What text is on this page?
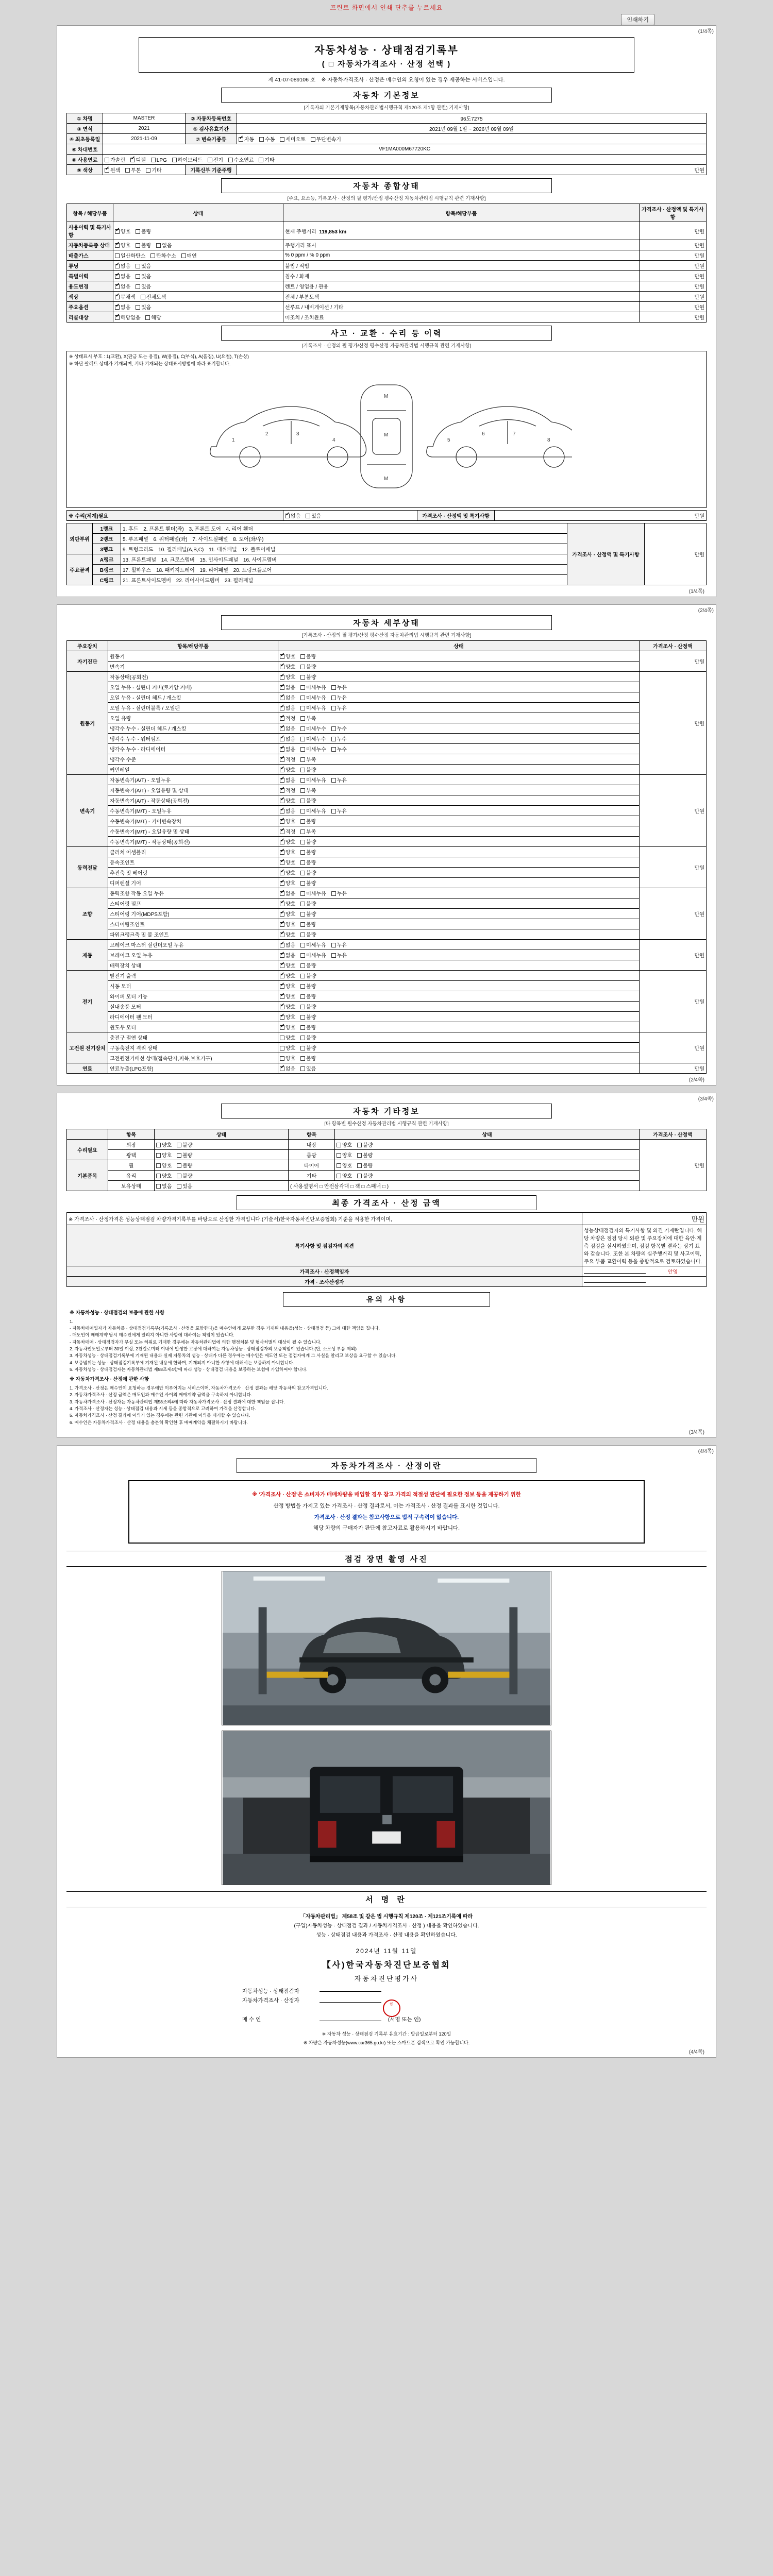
프린트 화면에서 인쇄 단추를 누르세요
인쇄하기
(1/4쪽)
자동차성능 · 상태점검기록부
( □ 자동차가격조사 · 산정 선택 )
제 41-07-089106 호 ※ 자동차가격조사 · 산정은 매수인의 요청이 있는 경우 제공하는 서비스입니다.
자동차 기본정보
[기록자의 기본기재항목(자동차관리법시행규칙 제120조 제1항 관련) 기재사항]
① 차명	MASTER	② 자동차등록번호	96도7275
③ 연식	2021	⑤ 검사유효기간	2021년 09월 1일 ~ 2026년 09월 09일
④ 최초등록일	2021-11-09	⑦ 변속기종류	✔자동 수동 세미오토 무단변속기
⑥ 차대번호	VF1MA000M67720KC		
⑧ 사용연료	가솔린 ✔ 디젤 LPG 하이브리드 전기 수소연료 기타
⑨ 색상	✔원색 투톤 기타	기록신부 기준주행	만원
자동차 종합상태
[주요, 요소등, 기록조사 · 산정의 필 평가/산정 평수산정 자동차관리법 시행규칙 관련 기재사항]
항목 / 해당부품	상태	항목/해당부품	가격조사 · 산정액 및 특기사항
사용이력 및 특기사항	✔양호 불량	현재 주행거리 119,853 km	만원
자동차등록증 상태	✔양호 불량 없음	주행거리 표시	만원
배출가스	일산화탄소 탄화수소 매연	% 0 ppm / % 0 ppm	만원
튜닝	✔없음 있음	불법 / 적법	만원
특별이력	✔없음 있음	침수 / 화재	만원
용도변경	✔없음 있음	렌트 / 영업용 / 관용	만원
색상	✔무채색 전체도색	전체 / 부분도색	만원
주요옵션	✔없음 있음	선루프 / 내비게이션 / 기타	만원
리콜대상	✔해당없음 해당	미조치 / 조치완료	만원
사고 · 교환 · 수리 등 이력
[기록조사 · 산정의 필 평가/산정 평수산정 자동차관리법 시행규칙 관련 기재사항]
※ 상태표시 부호 : 1(교환), X(판금 또는 용접), W(용접), C(부식), A(흠집), U(요철), T(손상)
※ 하단 팔레트 상태가 기재되며, 기타 기재되는 상태표시방법에 따라 표기합니다.
1
2	3
4
M
M
M
5
6	7
8
※ 수리(체계)필요	✔없음 있음	가격조사 · 산정액 및 특기사항	만원
외판부위	1랭크	1. 후드 2. 프론트 휀더(좌) 3. 프론트 도어 4. 리어 휀더	가격조사 · 산정액 및 특기사항	만원
	2랭크	5. 루프패널 6. 쿼터패널(좌) 7. 사이드실패널 8. 도어(좌/우)		
	3랭크	9. 트렁크리드 10. 필러패널(A,B,C) 11. 대쉬패널 12. 플로어패널		
주요골격	A랭크	13. 프론트패널 14. 크로스멤버 15. 인사이드패널 16. 사이드멤버		
	B랭크	17. 휠하우스 18. 패키지트레이 19. 리어패널 20. 트렁크플로어		
	C랭크	21. 프론트사이드멤버 22. 리어사이드멤버 23. 필러패널		
(1/4쪽)
(2/4쪽)
자동차 세부상태
[기록조사 · 산정의 필 평가/산정 평수산정 자동차관리법 시행규칙 관련 기재사항]
주요장치	항목/해당부품	상태	가격조사 · 산정액
자기진단	원동기	✔양호 불량	만원
	변속기	✔양호 불량
원동기	작동상태(공회전)	✔양호 불량	만원
	오일 누유 - 실린더 커버(로커암 커버)	✔없음 미세누유 누유
	오일 누유 - 실린더 헤드 / 개스킷	✔없음 미세누유 누유
	오일 누유 - 실린더블록 / 오일팬	✔없음 미세누유 누유
	오일 유량	✔적정 부족
	냉각수 누수 - 실린더 헤드 / 개스킷	✔없음 미세누수 누수
	냉각수 누수 - 워터펌프	✔없음 미세누수 누수
	냉각수 누수 - 라디에이터	✔없음 미세누수 누수
	냉각수 수준	✔적정 부족
	커먼레일	✔양호 불량
변속기	자동변속기(A/T) - 오일누유	✔없음 미세누유 누유	만원
	자동변속기(A/T) - 오일유량 및 상태	✔적정 부족
	자동변속기(A/T) - 작동상태(공회전)	✔양호 불량
	수동변속기(M/T) - 오일누유	✔없음 미세누유 누유
	수동변속기(M/T) - 기어변속장치	✔양호 불량
	수동변속기(M/T) - 오일유량 및 상태	✔적정 부족
	수동변속기(M/T) - 작동상태(공회전)	✔양호 불량
동력전달	클러치 어셈블리	✔양호 불량	만원
	등속조인트	✔양호 불량
	추진축 및 베어링	✔양호 불량
	디퍼렌셜 기어	✔양호 불량
조향	동력조향 작동 오일 누유	✔없음 미세누유 누유	만원
	스티어링 펌프	✔양호 불량
	스티어링 기어(MDPS포함)	✔양호 불량
	스티어링조인트	✔양호 불량
	파워크랭크축 및 볼 조인트	✔양호 불량
제동	브레이크 마스터 실린더오일 누유	✔없음 미세누유 누유	만원
	브레이크 오일 누유	✔없음 미세누유 누유
	배력장치 상태	✔양호 불량
전기	발전기 출력	✔양호 불량	만원
	시동 모터	✔양호 불량
	와이퍼 모터 기능	✔양호 불량
	실내송풍 모터	✔양호 불량
	라디에이터 팬 모터	✔양호 불량
	윈도우 모터	✔양호 불량
고전원 전기장치	충전구 절연 상태	양호 불량	만원
	구동축전지 격리 상태	양호 불량	
	고전원전기배선 상태(접속단자,피복,보호기구)	양호 불량	
연료	연료누출(LPG포함)	✔없음 있음	만원
(2/4쪽)
(3/4쪽)
자동차 기타정보
[타 항목별 필수산정 자동차관리법 시행규칙 관련 기재사항]
	항목	상태	항목	상태	가격조사 · 산정액
수리필요	외장	양호 불량	내장	양호 불량	만원
	광택	양호 불량	룸광	양호 불량	
기본품목	휠	양호 불량	타이어	양호 불량	
	유리	양호 불량	기타	양호 불량	
	보유상태	없음 있음	( 사용설명서 □ 안전삼각대 □ 잭 □ 스패너 □ )		
최종 가격조사 · 산정 금액
※ 가격조사 · 산정가격은 성능상태점검 차량가격기록부를 바탕으로 산정한 가격입니다.(기술서)한국자동차진단보증협회) 기준을 적용한 가격이며,	만원
특기사항 및 점검자의 의견	성능상태점검자의 특기사항 및 의견 기재란입니다. 해당 차량은 점검 당시 외관 및 주요장치에 대한 육안·계측 점검을 실시하였으며, 점검 항목별 결과는 상기 표와 같습니다. 또한 본 차량의 실주행거리 및 사고이력, 주요 부품 교환이력 등을 종합적으로 검토하였습니다.
가격조사 · 산정책임자	안영
가격 · 조사산정자	
유의 사항
※ 자동차성능 · 상태점검의 보증에 관한 사항
1.
- 자동차매매업자가 자동차를 · 상태점검기록부(기록조사 · 산정을 포함한다)을 매수인에게 교부한 경우 기재된 내용을(성능 · 상태점검 등) 그에 대한 책임을 집니다.
- 매도인이 매매계약 당시 매수인에게 알리지 아니한 사항에 대하여는 책임이 있습니다.
- 자동차매매 · 상태점검자가 부실 또는 허위로 기재한 경우에는 자동차관리법에 의한 행정처분 및 형사처벌의 대상이 될 수 있습니다.
2. 자동차인도일로부터 30일 이상, 2천킬로미터 이내에 발생한 고장에 대하여는 자동차성능 · 상태점검자의 보증책임이 있습니다.(단, 소모성 부품 제외)
3. 자동차성능 · 상태점검기록부에 기재된 내용과 실제 자동차의 성능 · 상태가 다른 경우에는 매수인은 매도인 또는 점검자에게 그 사실을 알리고 보상을 요구할 수 있습니다.
4. 보증범위는 성능 · 상태점검기록부에 기재된 내용에 한하며, 기재되지 아니한 사항에 대해서는 보증하지 아니합니다.
5. 자동차성능 · 상태점검자는 자동차관리법 제58조제4항에 따라 성능 · 상태점검 내용을 보증하는 보험에 가입하여야 합니다.
※ 자동차가격조사 · 산정에 관한 사항
1. 가격조사 · 산정은 매수인이 요청하는 경우에만 이루어지는 서비스이며, 자동차가격조사 · 산정 결과는 해당 자동차의 참고가격입니다.
2. 자동차가격조사 · 산정 금액은 매도인과 매수인 사이의 매매계약 금액을 구속하지 아니합니다.
3. 자동차가격조사 · 산정자는 자동차관리법 제58조의4에 따라 자동차가격조사 · 산정 결과에 대한 책임을 집니다.
4. 가격조사 · 산정자는 성능 · 상태점검 내용과 시세 등을 종합적으로 고려하여 가격을 산정합니다.
5. 자동차가격조사 · 산정 결과에 이의가 있는 경우에는 관련 기관에 이의를 제기할 수 있습니다.
6. 매수인은 자동차가격조사 · 산정 내용을 충분히 확인한 후 매매계약을 체결하시기 바랍니다.
(3/4쪽)
(4/4쪽)
자동차가격조사 · 산정이란

※ '가격조사 · 산정'은 소비자가 매매차량을 매입할 경우 참고 가격의 적절성 판단에 필요한 정보 등을 제공하기 위한

산정 방법을 가지고 있는 가격조사 · 산정 결과로서, 이는 가격조사 · 산정 결과를 표시한 것입니다.

가격조사 · 산정 결과는 참고사항으로 법적 구속력이 없습니다.

해당 차량의 구매자가 판단에 참고자료로 활용하시기 바랍니다.

점검 장면 촬영 사진
서 명 란
「자동차관리법」 제58조 및 같은 법 시행규칙 제120조 · 제121조기록에 따라
(구입)자동차성능 · 상태점검 결과 / 자동차가격조사 · 산정 ) 내용을 확인하였습니다.
성능 · 상태점검 내용과 가격조사 · 산정 내용을 확인하였습니다.
2024년 11월 11일
【사)한국자동차진단보증협회
자동차진단평가사
자동차성능 · 상태점검자
자동차가격조사 · 산정자
인
매 수 인	(서명 또는 인)
※ 자동차 성능 · 상태점검 기록부 유효기간 : 발급일로부터 120일
※ 차량은 자동차성능(www.car365.go.kr) 또는 스마트폰 검색으로 확인 가능합니다.
(4/4쪽)
